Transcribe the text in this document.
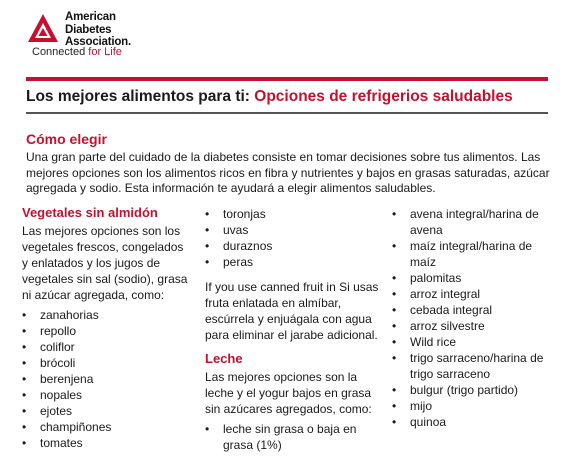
American
Diabetes
Association.
Connected for Life
Los mejores alimentos para ti: Opciones de refrigerios saludables
Cómo elegir
Una gran parte del cuidado de la diabetes consiste en tomar decisiones sobre tus alimentos. Las mejores opciones son los alimentos ricos en fibra y nutrientes y bajos en grasas saturadas, azúcar agregada y sodio. Esta información te ayudará a elegir alimentos saludables.
Vegetales sin almidón

Las mejores opciones son los vegetales frescos, congelados y enlatados y los jugos de vegetales sin sal (sodio), grasa ni azúcar agregada, como:

• zanahorias
• repollo
• coliflor
• brócoli
• berenjena
• nopales
• ejotes
• champiñones
• tomates
• toronjas
• uvas
• duraznos
• peras

If you use canned fruit in Si usas fruta enlatada en almíbar, escúrrela y enjuágala con agua para eliminar el jarabe adicional.

Leche

Las mejores opciones son la leche y el yogur bajos en grasa sin azúcares agregados, como:

• leche sin grasa o baja en grasa (1%)
• avena integral/harina de avena
• maíz integral/harina de maíz
• palomitas
• arroz integral
• cebada integral
• arroz silvestre
• Wild rice
• trigo sarraceno/harina de trigo sarraceno
• bulgur (trigo partido)
• mijo
• quinoa
